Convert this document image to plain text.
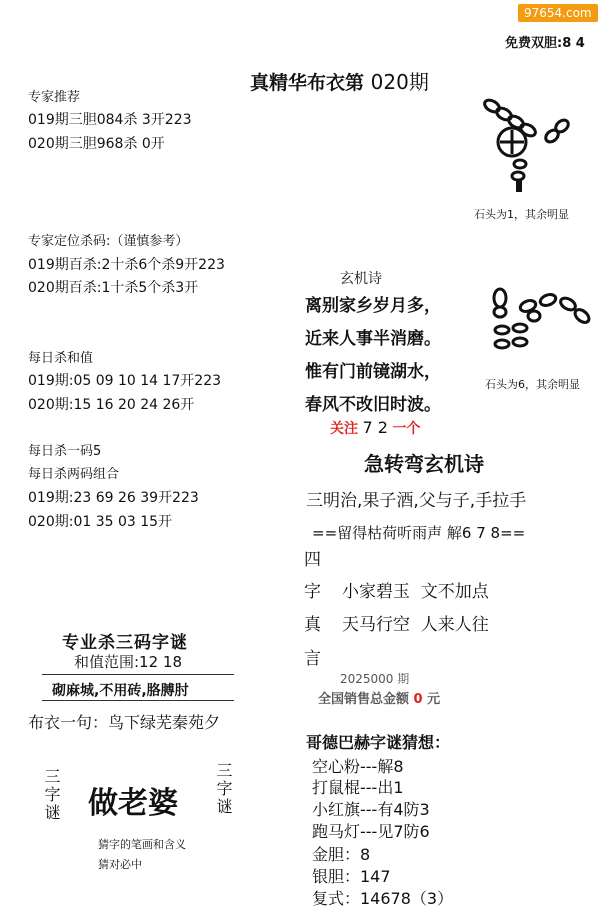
97654.com
免费双胆:8 4
真精华布衣第 020期
专家推荐
019期三胆084杀 3开223
020期三胆968杀 0开
专家定位杀码:（谨慎参考）
019期百杀:2十杀6个杀9开223
020期百杀:1十杀5个杀3开
每日杀和值
019期:05 09 10 14 17开223
020期:15 16 20 24 26开
每日杀一码5
每日杀两码组合
019期:23 69 26 39开223
020期:01 35 03 15开
专业杀三码字谜
和值范围:12 18
砌麻城,不用砖,胳膊肘
布衣一句：鸟下绿芜秦苑夕
三字谜 做老婆 三字谜
猜字的笔画和含义
猜对必中
石头为1，其余明显
石头为6，其余明显
玄机诗
离别家乡岁月多，
近来人事半消磨。
惟有门前镜湖水，
春风不改旧时波。
关注 7 2 一个
急转弯玄机诗
三明治,果子酒,父与子,手拉手
==留得枯荷听雨声 解6 7 8==
四
字
真
言
小家碧玉  文不加点
天马行空  人来人往
2025000 期
全国销售总金额 0 元
哥德巴赫字谜猜想：
空心粉---解8
打鼠棍---出1
小红旗---有4防3
跑马灯---见7防6
金胆：8
银胆：147
复式：14678（3）
